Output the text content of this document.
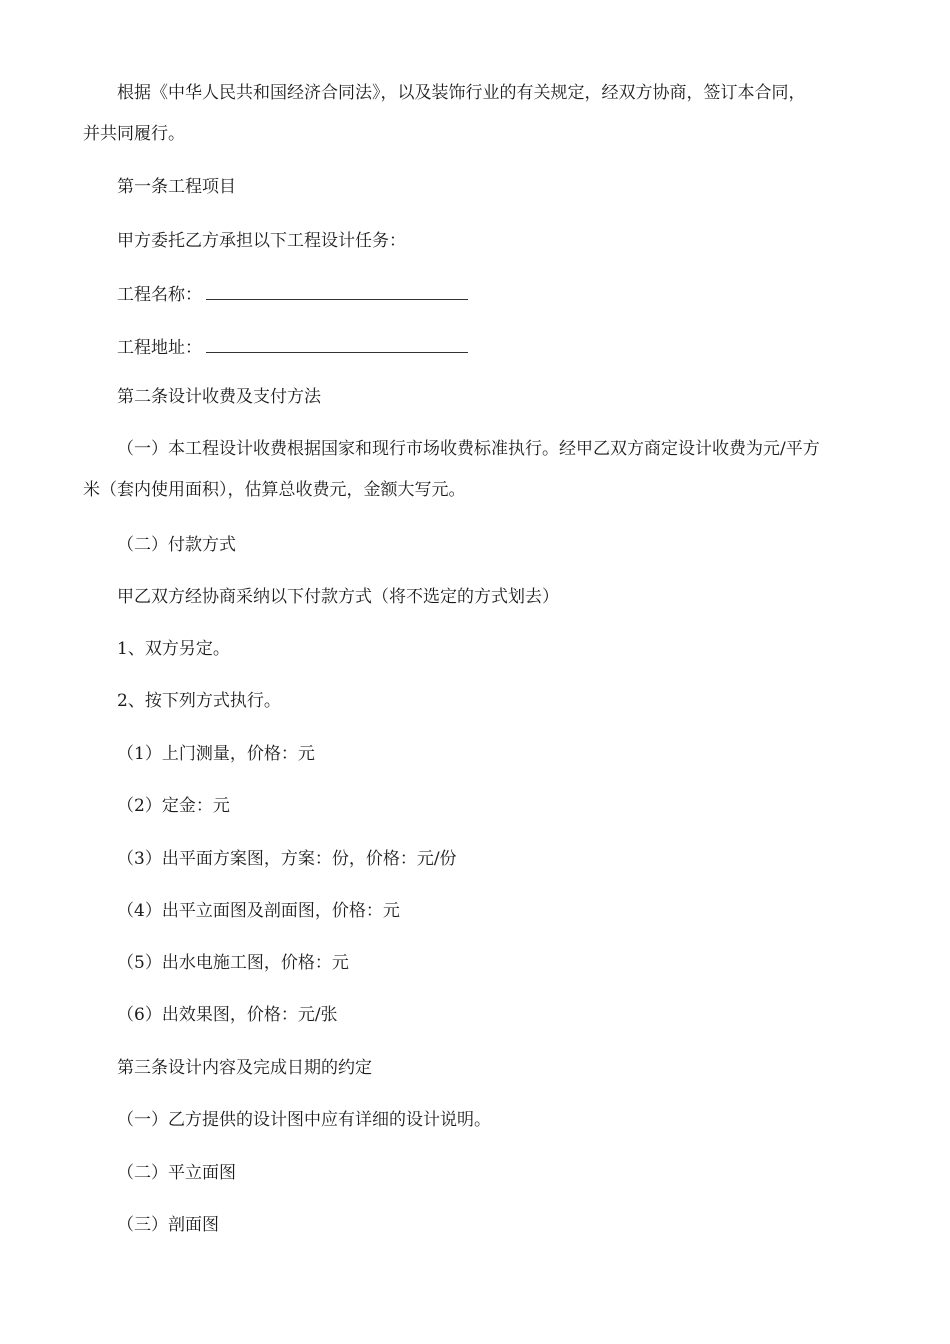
根据《中华人民共和国经济合同法》，以及装饰行业的有关规定，经双方协商，签订本合同，
并共同履行。

第一条工程项目

甲方委托乙方承担以下工程设计任务：

工程名称：

工程地址：

第二条设计收费及支付方法

（一）本工程设计收费根据国家和现行市场收费标准执行。经甲乙双方商定设计收费为元/平方
米（套内使用面积），估算总收费元，金额大写元。

（二）付款方式

甲乙双方经协商采纳以下付款方式（将不选定的方式划去）

1、双方另定。

2、按下列方式执行。

（1）上门测量，价格：元

（2）定金：元

（3）出平面方案图，方案：份，价格：元/份

（4）出平立面图及剖面图，价格：元

（5）出水电施工图，价格：元

（6）出效果图，价格：元/张

第三条设计内容及完成日期的约定

（一）乙方提供的设计图中应有详细的设计说明。

（二）平立面图

（三）剖面图
